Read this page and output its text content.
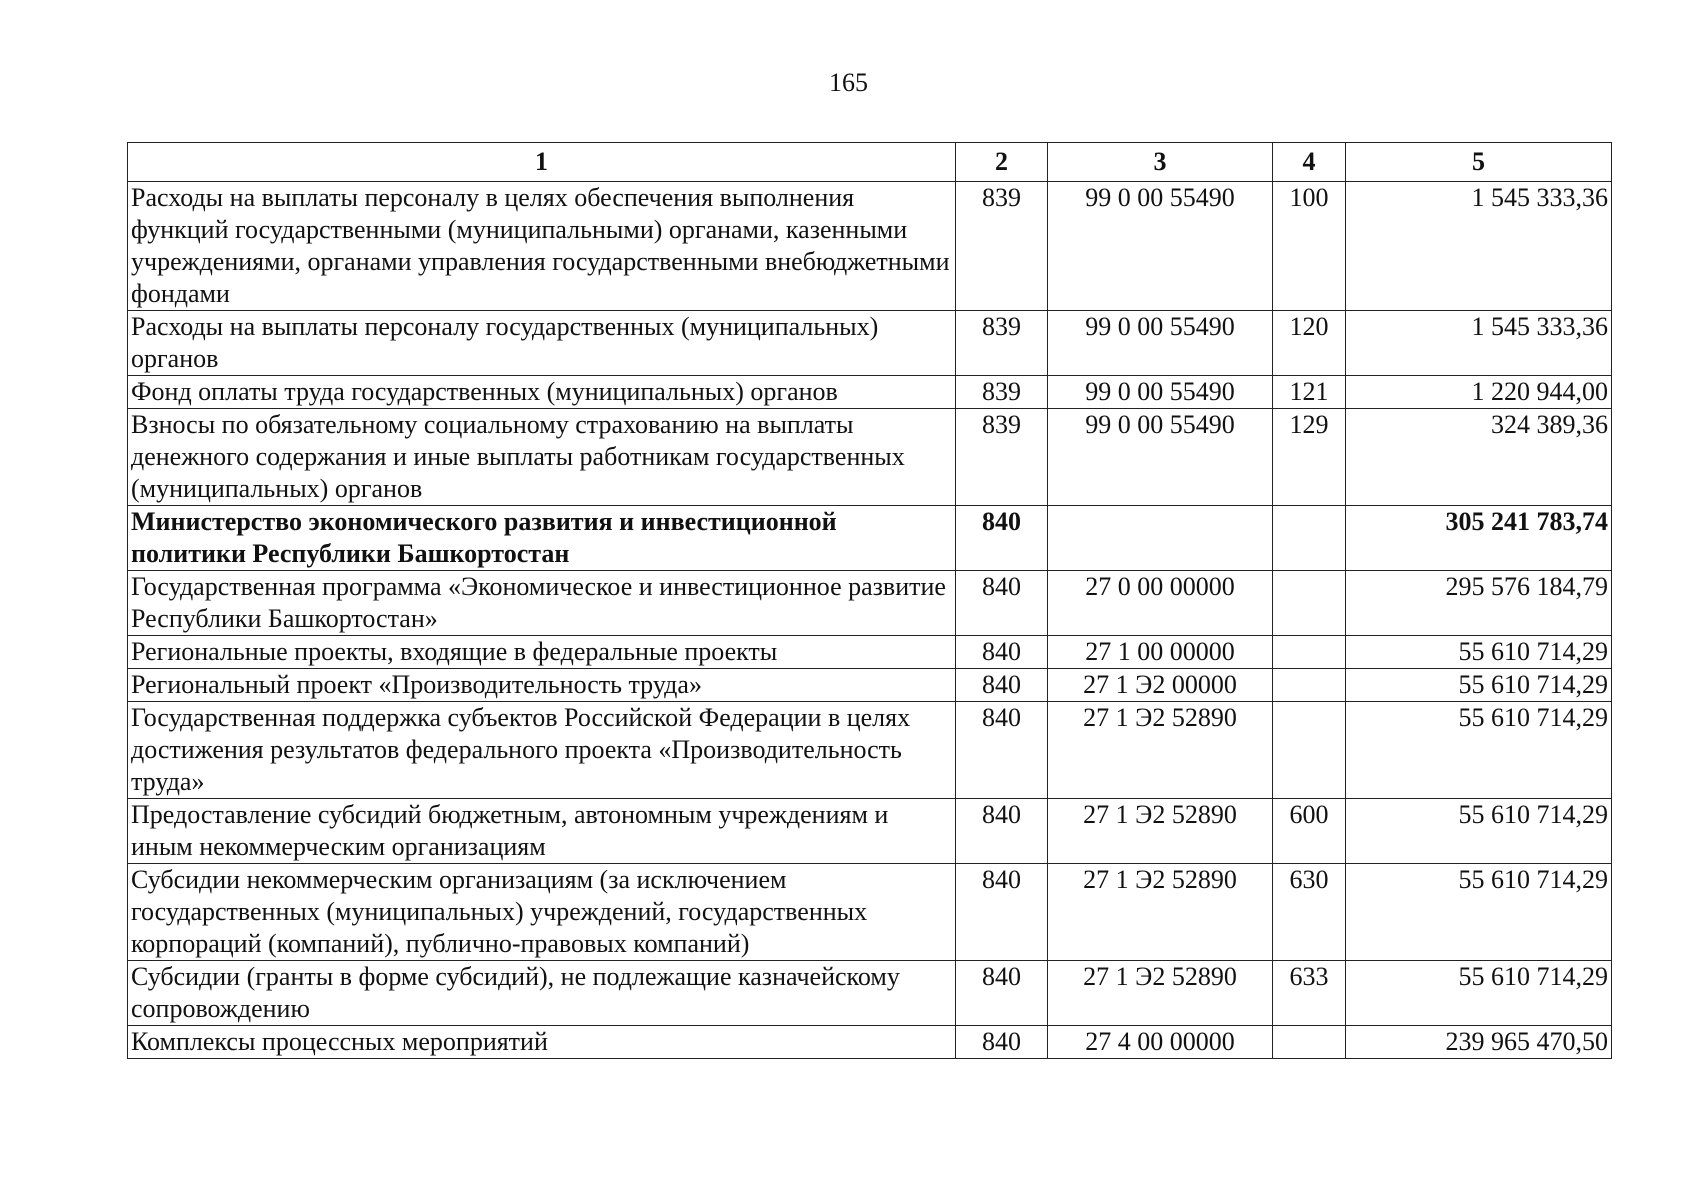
165
1	2	3	4	5
Расходы на выплаты персоналу в целях обеспечения выполнения функций государственными (муниципальными) органами, казенными учреждениями, органами управления государственными внебюджетными фондами	839	99 0 00 55490	100	1 545 333,36
Расходы на выплаты персоналу государственных (муниципальных) органов	839	99 0 00 55490	120	1 545 333,36
Фонд оплаты труда государственных (муниципальных) органов	839	99 0 00 55490	121	1 220 944,00
Взносы по обязательному социальному страхованию на выплаты денежного содержания и иные выплаты работникам государственных (муниципальных) органов	839	99 0 00 55490	129	324 389,36
Министерство экономического развития и инвестиционной политики Республики Башкортостан	840			305 241 783,74
Государственная программа «Экономическое и инвестиционное развитие Республики Башкортостан»	840	27 0 00 00000		295 576 184,79
Региональные проекты, входящие в федеральные проекты	840	27 1 00 00000		55 610 714,29
Региональный проект «Производительность труда»	840	27 1 Э2 00000		55 610 714,29
Государственная поддержка субъектов Российской Федерации в целях достижения результатов федерального проекта «Производительность труда»	840	27 1 Э2 52890		55 610 714,29
Предоставление субсидий бюджетным, автономным учреждениям и иным некоммерческим организациям	840	27 1 Э2 52890	600	55 610 714,29
Субсидии некоммерческим организациям (за исключением государственных (муниципальных) учреждений, государственных корпораций (компаний), публично-правовых компаний)	840	27 1 Э2 52890	630	55 610 714,29
Субсидии (гранты в форме субсидий), не подлежащие казначейскому сопровождению	840	27 1 Э2 52890	633	55 610 714,29
Комплексы процессных мероприятий	840	27 4 00 00000		239 965 470,50
